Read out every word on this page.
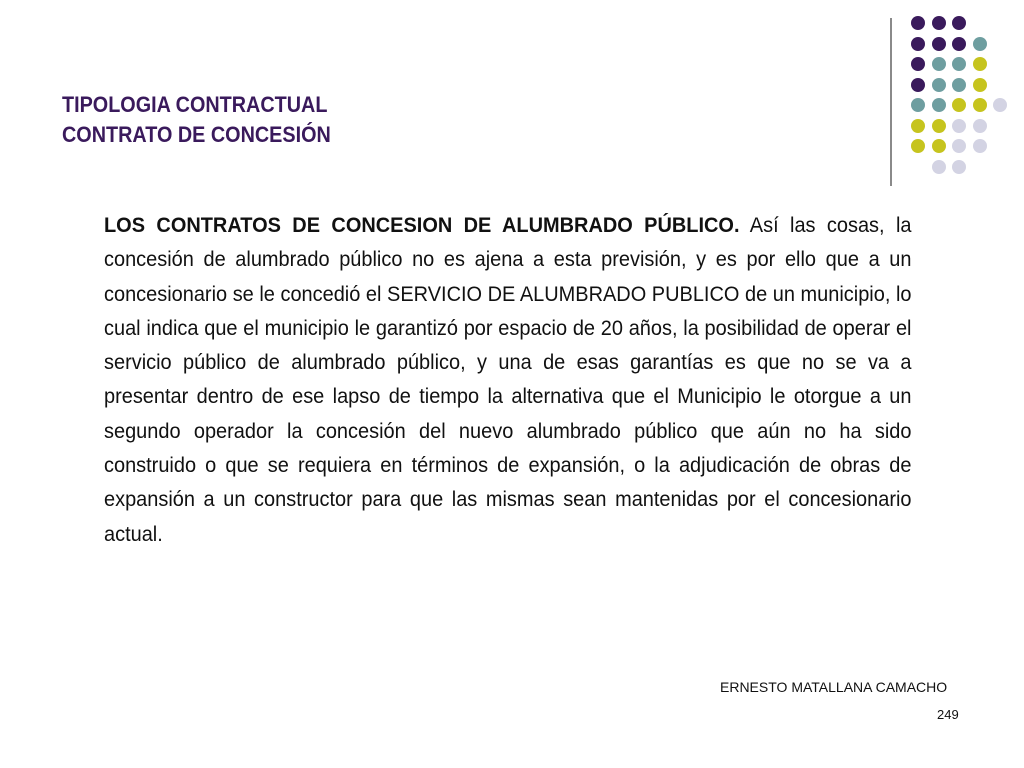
TIPOLOGIA CONTRACTUAL
CONTRATO DE CONCESIÓN
LOS CONTRATOS DE CONCESION DE ALUMBRADO PÚBLICO. Así las cosas, la concesión de alumbrado público no es ajena a esta previsión, y es por ello que a un concesionario se le concedió el SERVICIO DE ALUMBRADO PUBLICO de un municipio, lo cual indica que el municipio le garantizó por espacio de 20 años, la posibilidad de operar el servicio público de alumbrado público, y una de esas garantías es que no se va a presentar dentro de ese lapso de tiempo la alternativa que el Municipio le otorgue a un segundo operador la concesión del nuevo alumbrado público que aún no ha sido construido o que se requiera en términos de expansión, o la adjudicación de obras de expansión a un constructor para que las mismas sean mantenidas por el concesionario actual.
ERNESTO MATALLANA CAMACHO
249
